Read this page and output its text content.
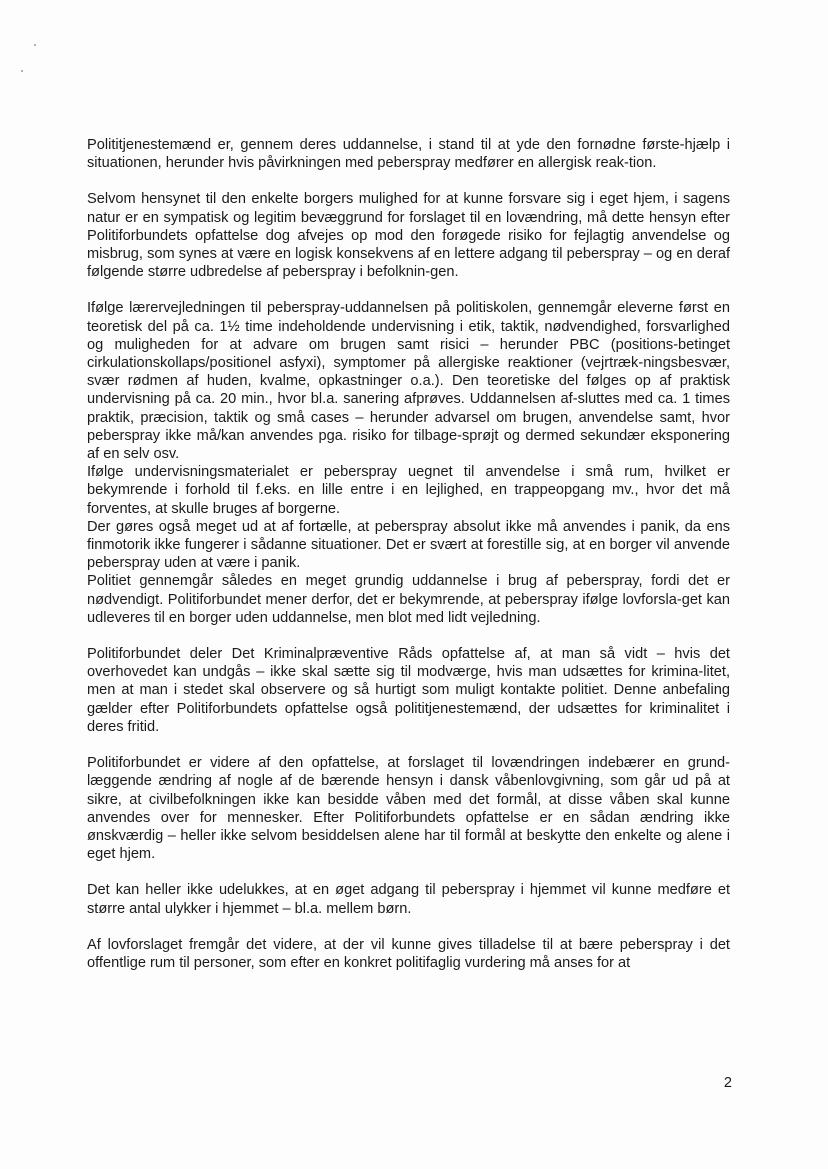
Polititjenestemænd er, gennem deres uddannelse, i stand til at yde den fornødne første-hjælp i situationen, herunder hvis påvirkningen med peberspray medfører en allergisk reak-tion.

Selvom hensynet til den enkelte borgers mulighed for at kunne forsvare sig i eget hjem, i sagens natur er en sympatisk og legitim bevæggrund for forslaget til en lovændring, må dette hensyn efter Politiforbundets opfattelse dog afvejes op mod den forøgede risiko for fejlagtig anvendelse og misbrug, som synes at være en logisk konsekvens af en lettere adgang til peberspray – og en deraf følgende større udbredelse af peberspray i befolknin-gen.

Ifølge lærervejledningen til peberspray-uddannelsen på politiskolen, gennemgår eleverne først en teoretisk del på ca. 1½ time indeholdende undervisning i etik, taktik, nødvendighed, forsvarlighed og muligheden for at advare om brugen samt risici – herunder PBC (positions-betinget cirkulationskollaps/positionel asfyxi), symptomer på allergiske reaktioner (vejrtræk-ningsbesvær, svær rødmen af huden, kvalme, opkastninger o.a.). Den teoretiske del følges op af praktisk undervisning på ca. 20 min., hvor bl.a. sanering afprøves. Uddannelsen af-sluttes med ca. 1 times praktik, præcision, taktik og små cases – herunder advarsel om brugen, anvendelse samt, hvor peberspray ikke må/kan anvendes pga. risiko for tilbage-sprøjt og dermed sekundær eksponering af en selv osv.

Ifølge undervisningsmaterialet er peberspray uegnet til anvendelse i små rum, hvilket er bekymrende i forhold til f.eks. en lille entre i en lejlighed, en trappeopgang mv., hvor det må forventes, at skulle bruges af borgerne.

Der gøres også meget ud at af fortælle, at peberspray absolut ikke må anvendes i panik, da ens finmotorik ikke fungerer i sådanne situationer. Det er svært at forestille sig, at en borger vil anvende peberspray uden at være i panik.

Politiet gennemgår således en meget grundig uddannelse i brug af peberspray, fordi det er nødvendigt. Politiforbundet mener derfor, det er bekymrende, at peberspray ifølge lovforsla-get kan udleveres til en borger uden uddannelse, men blot med lidt vejledning.

Politiforbundet deler Det Kriminalpræventive Råds opfattelse af, at man så vidt – hvis det overhovedet kan undgås – ikke skal sætte sig til modværge, hvis man udsættes for krimina-litet, men at man i stedet skal observere og så hurtigt som muligt kontakte politiet. Denne anbefaling gælder efter Politiforbundets opfattelse også polititjenestemænd, der udsættes for kriminalitet i deres fritid.

Politiforbundet er videre af den opfattelse, at forslaget til lovændringen indebærer en grund-læggende ændring af nogle af de bærende hensyn i dansk våbenlovgivning, som går ud på at sikre, at civilbefolkningen ikke kan besidde våben med det formål, at disse våben skal kunne anvendes over for mennesker. Efter Politiforbundets opfattelse er en sådan ændring ikke ønskværdig – heller ikke selvom besiddelsen alene har til formål at beskytte den enkelte og alene i eget hjem.

Det kan heller ikke udelukkes, at en øget adgang til peberspray i hjemmet vil kunne medføre et større antal ulykker i hjemmet – bl.a. mellem børn.

Af lovforslaget fremgår det videre, at der vil kunne gives tilladelse til at bære peberspray i det offentlige rum til personer, som efter en konkret politifaglig vurdering må anses for at

2
